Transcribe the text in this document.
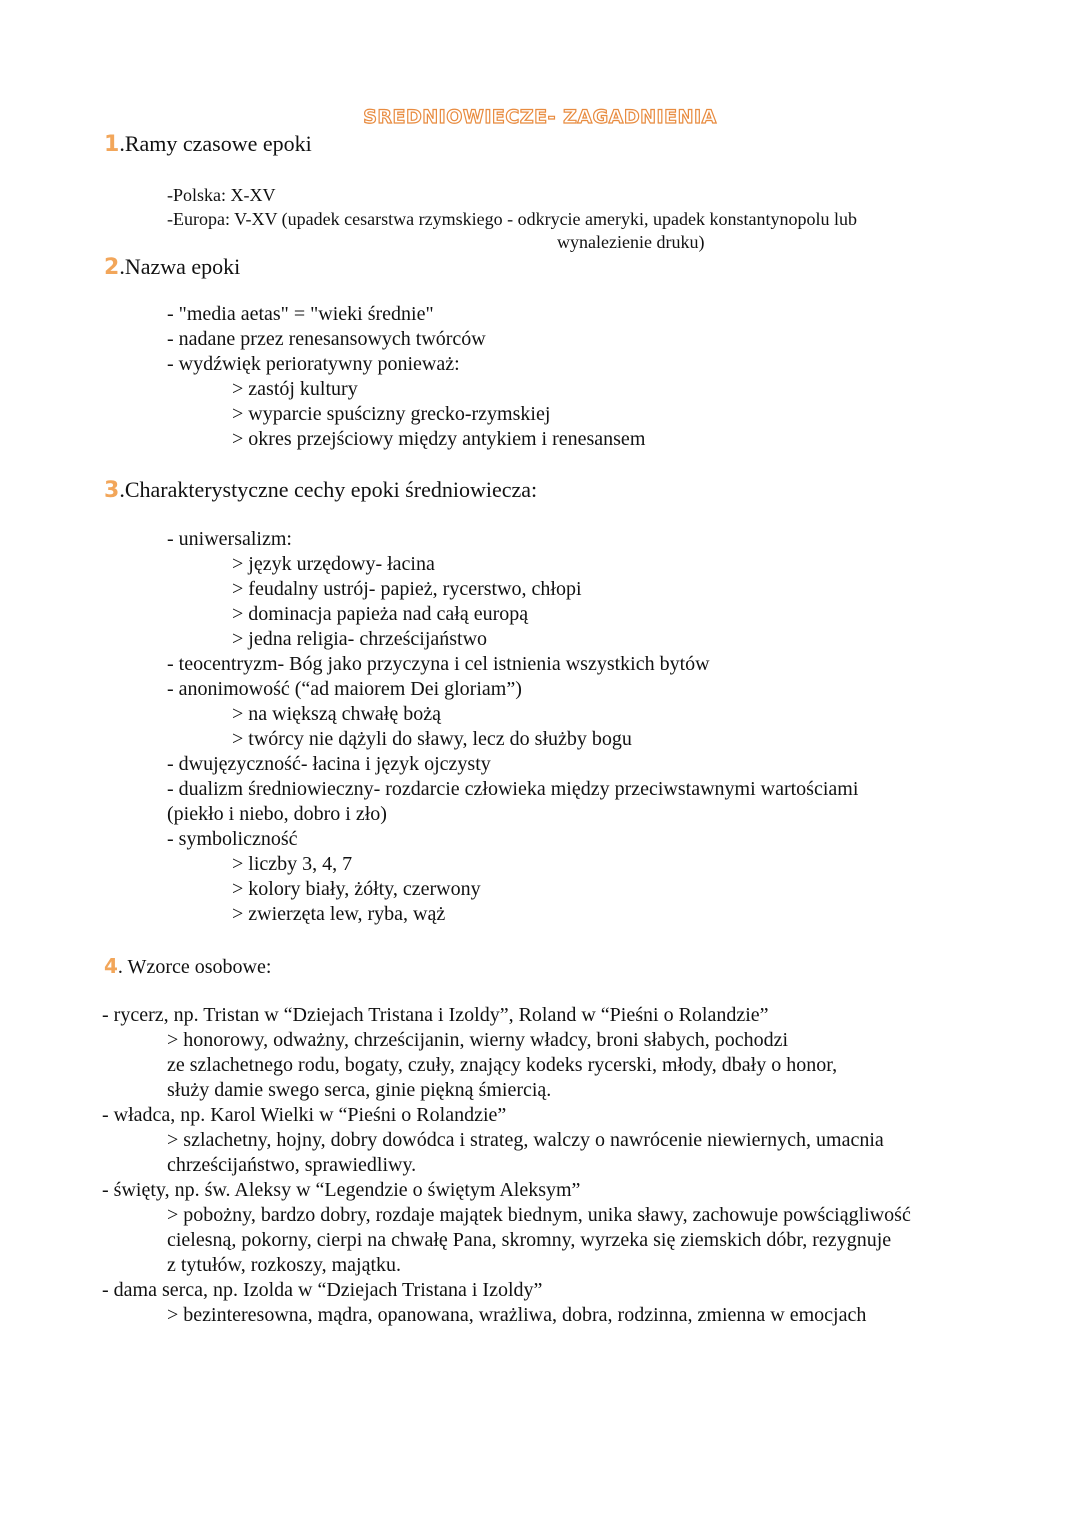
SREDNIOWIECZE- ZAGADNIENIA
1.Ramy czasowe epoki
-Polska: X-XV
-Europa: V-XV (upadek cesarstwa rzymskiego - odkrycie ameryki, upadek konstantynopolu lub
wynalezienie druku)
2.Nazwa epoki
- "media aetas" = "wieki średnie"
- nadane przez renesansowych twórców
- wydźwięk perioratywny ponieważ:
> zastój kultury
> wyparcie spuścizny grecko-rzymskiej
> okres przejściowy między antykiem i renesansem
3.Charakterystyczne cechy epoki średniowiecza:
- uniwersalizm:
> język urzędowy- łacina
> feudalny ustrój- papież, rycerstwo, chłopi
> dominacja papieża nad całą europą
> jedna religia- chrześcijaństwo
- teocentryzm- Bóg jako przyczyna i cel istnienia wszystkich bytów
- anonimowość (“ad maiorem Dei gloriam”)
> na większą chwałę bożą
> twórcy nie dążyli do sławy, lecz do służby bogu
- dwujęzyczność- łacina i język ojczysty
- dualizm średniowieczny- rozdarcie człowieka między przeciwstawnymi wartościami
(piekło i niebo, dobro i zło)
- symboliczność
> liczby 3, 4, 7
> kolory biały, żółty, czerwony
> zwierzęta lew, ryba, wąż
4. Wzorce osobowe:
- rycerz, np. Tristan w “Dziejach Tristana i Izoldy”, Roland w “Pieśni o Rolandzie”
> honorowy, odważny, chrześcijanin, wierny władcy, broni słabych, pochodzi
ze szlachetnego rodu, bogaty, czuły, znający kodeks rycerski, młody, dbały o honor,
służy damie swego serca, ginie piękną śmiercią.
- władca, np. Karol Wielki w “Pieśni o Rolandzie”
> szlachetny, hojny, dobry dowódca i strateg, walczy o nawrócenie niewiernych, umacnia
chrześcijaństwo, sprawiedliwy.
- święty, np. św. Aleksy w “Legendzie o świętym Aleksym”
> pobożny, bardzo dobry, rozdaje majątek biednym, unika sławy, zachowuje powściągliwość
cielesną, pokorny, cierpi na chwałę Pana, skromny, wyrzeka się ziemskich dóbr, rezygnuje
z tytułów, rozkoszy, majątku.
- dama serca, np. Izolda w “Dziejach Tristana i Izoldy”
> bezinteresowna, mądra, opanowana, wrażliwa, dobra, rodzinna, zmienna w emocjach
